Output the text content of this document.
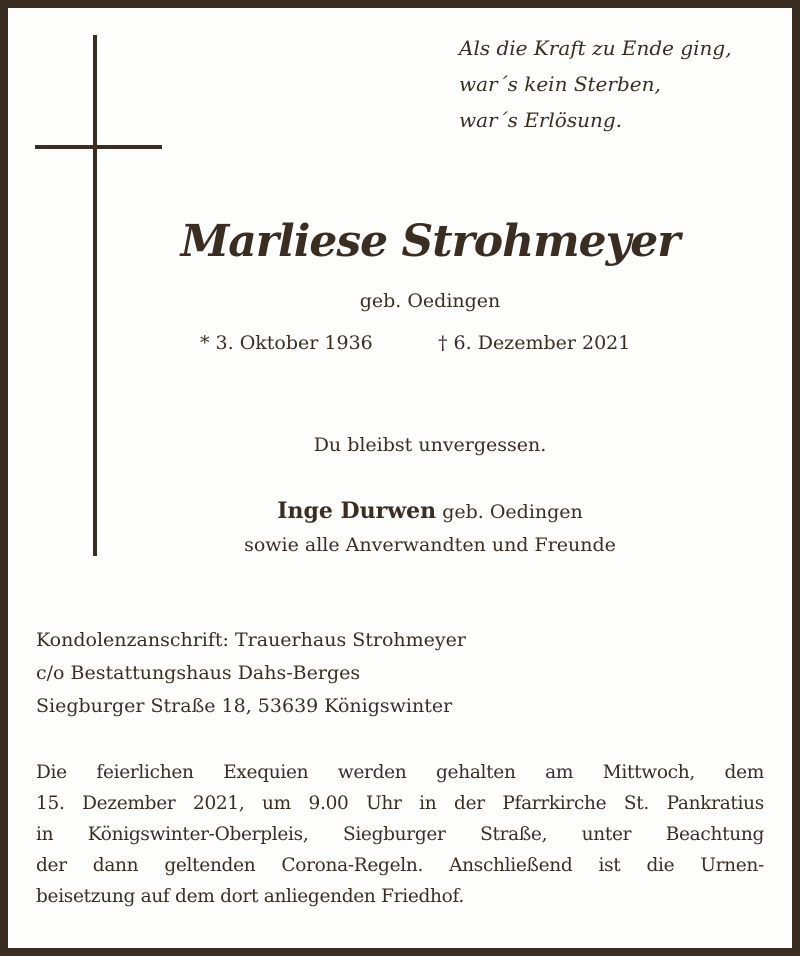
Als die Kraft zu Ende ging,
war´s kein Sterben,
war´s Erlösung.
Marliese Strohmeyer
geb. Oedingen
* 3. Oktober 1936	† 6. Dezember 2021
Du bleibst unvergessen.
Inge Durwen geb. Oedingen
sowie alle Anverwandten und Freunde
Kondolenzanschrift: Trauerhaus Strohmeyer
c/o Bestattungshaus Dahs-Berges
Siegburger Straße 18, 53639 Königswinter
Die feierlichen Exequien werden gehalten am Mittwoch, dem
15. Dezember 2021, um 9.00 Uhr in der Pfarrkirche St. Pankratius
in Königswinter-Oberpleis, Siegburger Straße, unter Beachtung
der dann geltenden Corona-Regeln. Anschließend ist die Urnen-
beisetzung auf dem dort anliegenden Friedhof.
